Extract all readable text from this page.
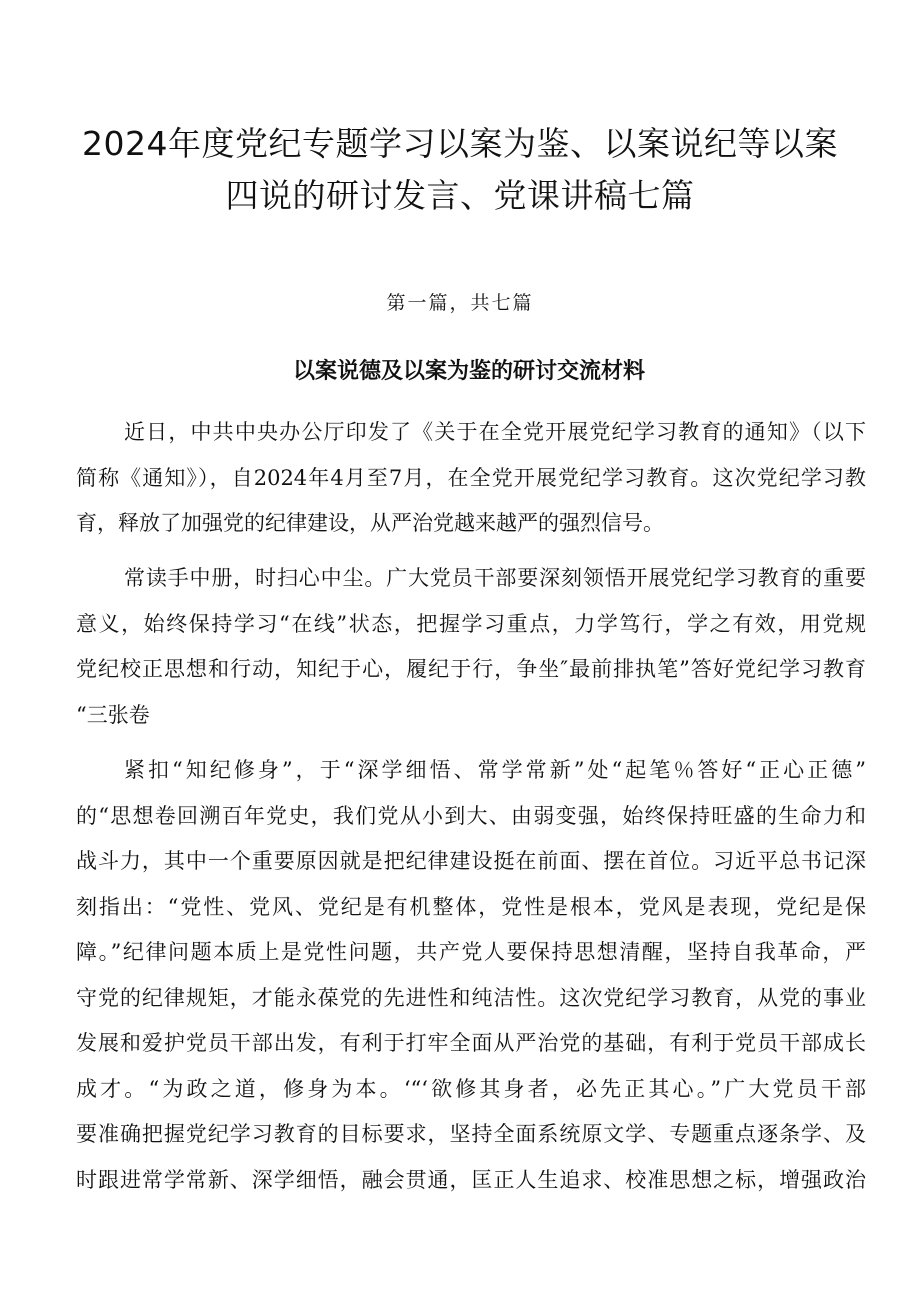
2024年度党纪专题学习以案为鉴、以案说纪等以案
四说的研讨发言、党课讲稿七篇

第一篇，共七篇

以案说德及以案为鉴的研讨交流材料

近日，中共中央办公厅印发了《关于在全党开展党纪学习教育的通知》（以下
简称《通知》），自2024年4月至7月，在全党开展党纪学习教育。这次党纪学习教
育，释放了加强党的纪律建设，从严治党越来越严的强烈信号。

常读手中册，时扫心中尘。广大党员干部要深刻领悟开展党纪学习教育的重要
意义，始终保持学习“在线”状态，把握学习重点，力学笃行，学之有效，用党规
党纪校正思想和行动，知纪于心，履纪于行，争坐″最前排执笔”答好党纪学习教育
“三张卷

紧扣“知纪修身”，于“深学细悟、常学常新”处“起笔％答好“正心正德”
的“思想卷回溯百年党史，我们党从小到大、由弱变强，始终保持旺盛的生命力和
战斗力，其中一个重要原因就是把纪律建设挺在前面、摆在首位。习近平总书记深
刻指出：“党性、党风、党纪是有机整体，党性是根本，党风是表现，党纪是保
障。”纪律问题本质上是党性问题，共产党人要保持思想清醒，坚持自我革命，严
守党的纪律规矩，才能永葆党的先进性和纯洁性。这次党纪学习教育，从党的事业
发展和爱护党员干部出发，有利于打牢全面从严治党的基础，有利于党员干部成长
成才。“为政之道，修身为本。‘“‘欲修其身者，必先正其心。”广大党员干部
要准确把握党纪学习教育的目标要求，坚持全面系统原文学、专题重点逐条学、及
时跟进常学常新、深学细悟，融会贯通，匡正人生追求、校准思想之标，增强政治
